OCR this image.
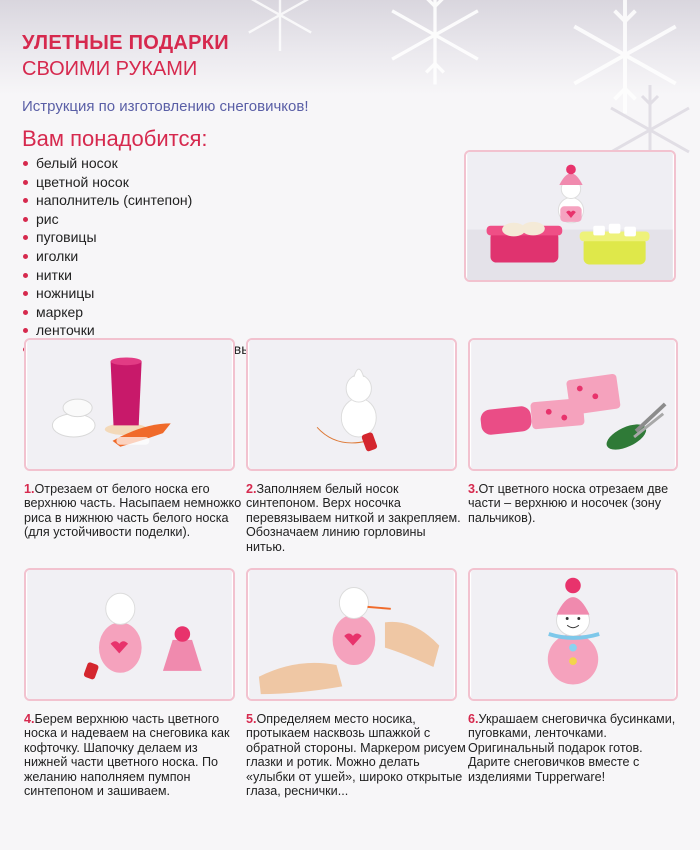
УЛЕТНЫЕ ПОДАРКИ
СВОИМИ РУКАМИ
Иструкция по изготовлению снеговичков!
Вам понадобится:
белый носок
цветной носок
наполнитель (синтепон)
рис
пуговицы
иголки
нитки
ножницы
маркер
ленточки

1.Отрезаем от белого носка его верхнюю часть. Насыпаем немножко риса в нижнюю часть белого носка (для устойчивости поделки).

2.Заполняем белый носок синтепоном. Верх носочка перевязываем ниткой и закрепляем. Обозначаем линию горловины нитью.

3.От цветного носка отрезаем две части – верхнюю и носочек (зону пальчиков).

4.Берем верхнюю часть цветного носка и надеваем на снеговика как кофточку. Шапочку делаем из нижней части цветного носка. По желанию наполняем пумпон синтепоном и зашиваем.

5.Определяем место носика, протыкаем насквозь шпажкой с обратной стороны. Маркером рисуем глазки и ротик. Можно делать «улыбки от ушей», широко открытые глаза, реснички...

6.Украшаем снеговичка бусинками, пуговками, ленточками. Оригинальный подарок готов. Дарите снеговичков вместе с изделиями Tupperware!
